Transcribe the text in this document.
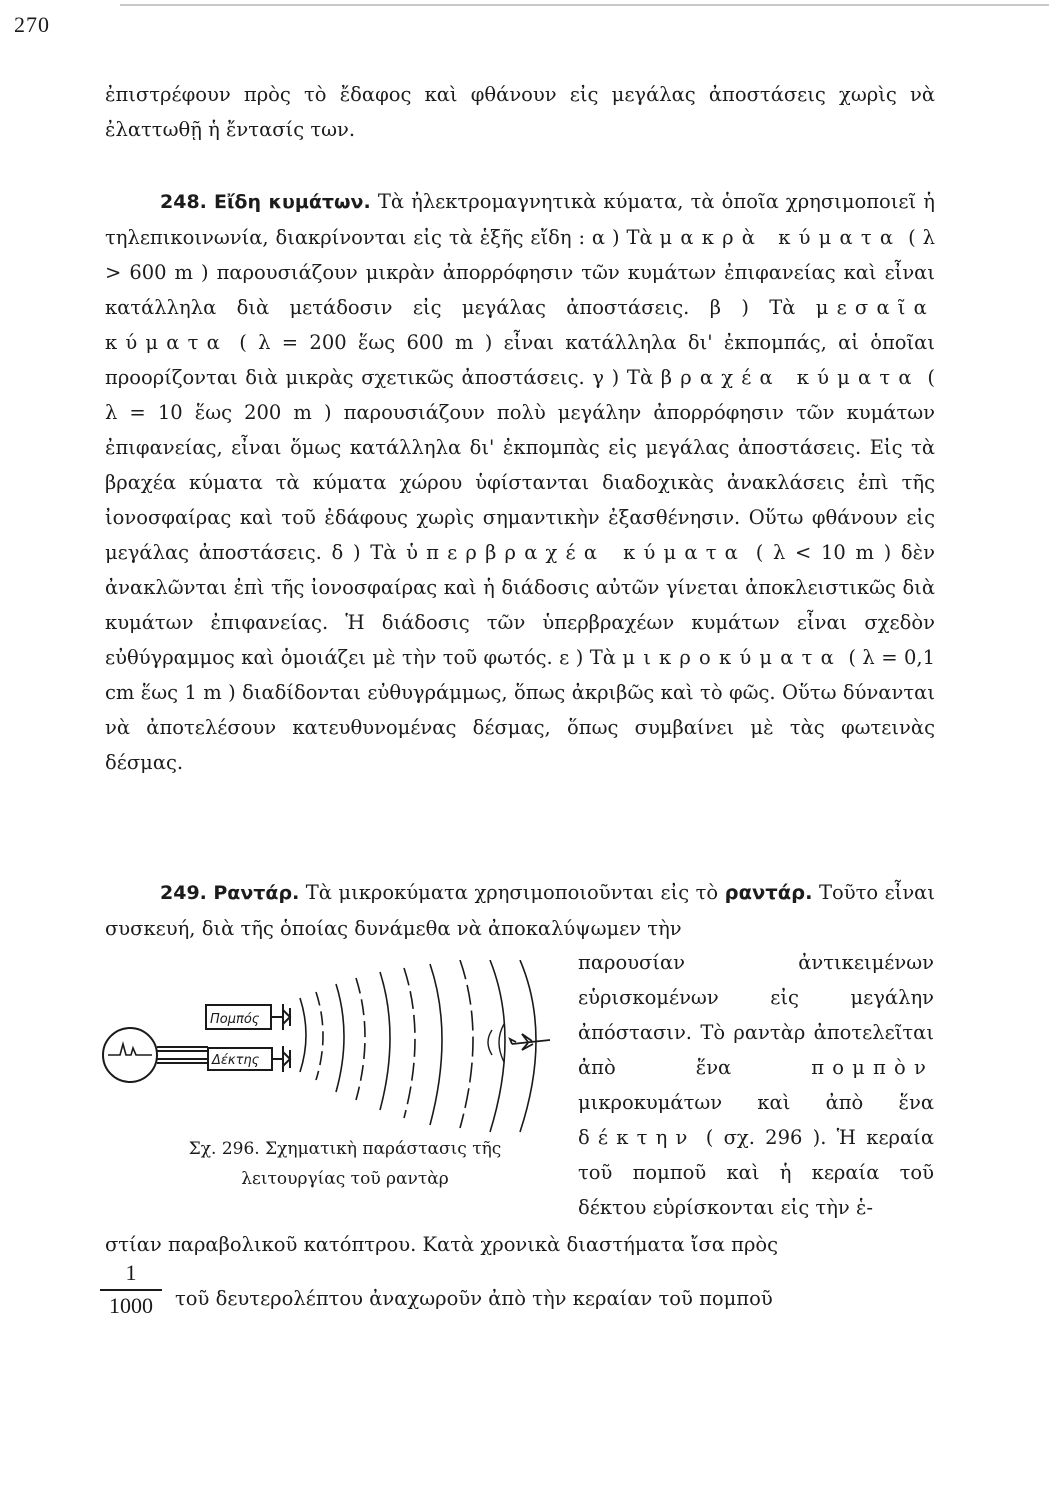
270

ἐπιστρέφουν πρὸς τὸ ἔδαφος καὶ φθάνουν εἰς μεγάλας ἀποστάσεις χωρὶς νὰ ἐλαττωθῇ ἡ ἔντασίς των.

248. Εἴδη κυμάτων. Τὰ ἠλεκτρομαγνητικὰ κύματα, τὰ ὁποῖα χρησιμοποιεῖ ἡ τηλεπικοινωνία, διακρίνονται εἰς τὰ ἑξῆς εἴδη : α ) Τὰ μακρὰ κύματα ( λ > 600 m ) παρουσιάζουν μικρὰν ἀπορρόφησιν τῶν κυμάτων ἐπιφανείας καὶ εἶναι κατάλληλα διὰ μετάδοσιν εἰς μεγάλας ἀποστάσεις. β ) Τὰ μεσαῖα κύματα ( λ = 200 ἕως 600 m ) εἶναι κατάλληλα δι' ἐκπομπάς, αἱ ὁποῖαι προορίζονται διὰ μικρὰς σχετικῶς ἀποστάσεις. γ ) Τὰ βραχέα κύματα ( λ = 10 ἕως 200 m ) παρουσιάζουν πολὺ μεγάλην ἀπορρόφησιν τῶν κυμάτων ἐπιφανείας, εἶναι ὅμως κατάλληλα δι' ἐκπομπὰς εἰς μεγάλας ἀποστάσεις. Εἰς τὰ βραχέα κύματα τὰ κύματα χώρου ὑφίστανται διαδοχικὰς ἀνακλάσεις ἐπὶ τῆς ἰονοσφαίρας καὶ τοῦ ἐδάφους χωρὶς σημαντικὴν ἐξασθένησιν. Οὕτω φθάνουν εἰς μεγάλας ἀποστάσεις. δ ) Τὰ ὑπερβραχέα κύματα ( λ < 10 m ) δὲν ἀνακλῶνται ἐπὶ τῆς ἰονοσφαίρας καὶ ἡ διάδοσις αὐτῶν γίνεται ἀποκλειστικῶς διὰ κυμάτων ἐπιφανείας. Ἡ διάδοσις τῶν ὑπερβραχέων κυμάτων εἶναι σχεδὸν εὐθύγραμμος καὶ ὁμοιάζει μὲ τὴν τοῦ φωτός. ε ) Τὰ μικροκύματα ( λ = 0,1 cm ἕως 1 m ) διαδίδονται εὐθυγράμμως, ὅπως ἀκριβῶς καὶ τὸ φῶς. Οὕτω δύνανται νὰ ἀποτελέσουν κατευθυνομένας δέσμας, ὅπως συμβαίνει μὲ τὰς φωτεινὰς δέσμας.

249. Ραντάρ. Τὰ μικροκύματα χρησιμοποιοῦνται εἰς τὸ ραντάρ. Τοῦτο εἶναι συσκευή, διὰ τῆς ὁποίας δυνάμεθα νὰ ἀποκαλύψωμεν τὴν

Πομπός
Δέκτης
Σχ. 296. Σχηματικὴ παράστασις τῆς
λειτουργίας τοῦ ραντὰρ

παρουσίαν ἀντικειμένων εὑρισκομένων εἰς μεγάλην ἀπόστασιν. Τὸ ραντὰρ ἀποτελεῖται ἀπὸ ἕνα πομπὸν μικροκυμάτων καὶ ἀπὸ ἕνα δέκτην ( σχ. 296 ). Ἡ κεραία τοῦ πομποῦ καὶ ἡ κεραία τοῦ δέκτου εὑρίσκονται εἰς τὴν ἑ-

στίαν παραβολικοῦ κατόπτρου. Κατὰ χρονικὰ διαστήματα ἴσα πρὸς

1
1000	τοῦ δευτερολέπτου ἀναχωροῦν ἀπὸ τὴν κεραίαν τοῦ πομποῦ
